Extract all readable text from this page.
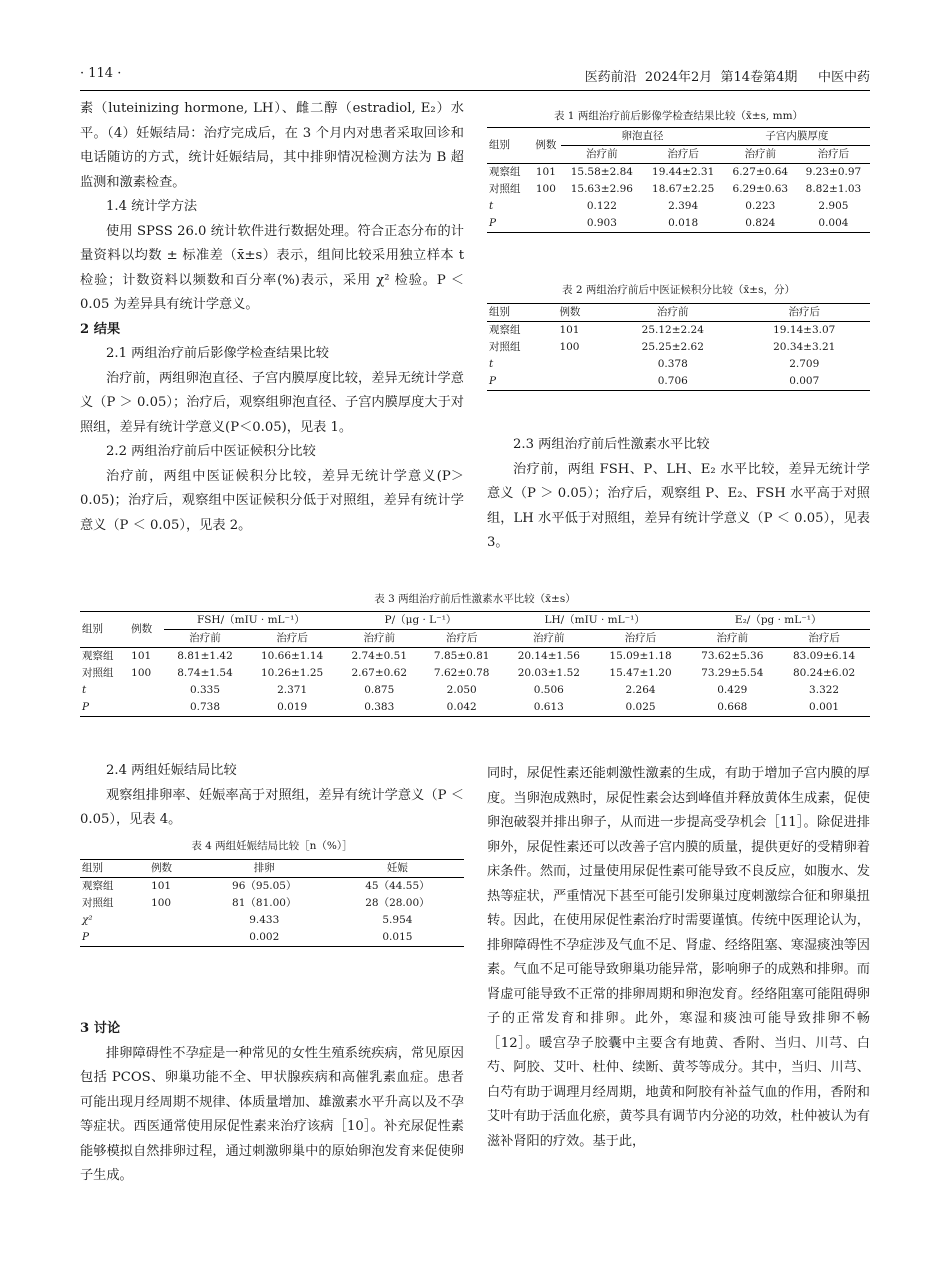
· 114 ·	医药前沿  2024年2月  第14卷第4期     中医中药

素（luteinizing hormone, LH）、雌二醇（estradiol, E₂）水平。（4）妊娠结局：治疗完成后，在 3 个月内对患者采取回诊和电话随访的方式，统计妊娠结局，其中排卵情况检测方法为 B 超监测和激素检查。

1.4 统计学方法

使用 SPSS 26.0 统计软件进行数据处理。符合正态分布的计量资料以均数 ± 标准差（x̄±s）表示，组间比较采用独立样本 t 检验；计数资料以频数和百分率(%)表示，采用 χ² 检验。P ＜ 0.05 为差异具有统计学意义。

2 结果

2.1 两组治疗前后影像学检查结果比较

治疗前，两组卵泡直径、子宫内膜厚度比较，差异无统计学意义（P ＞ 0.05）；治疗后，观察组卵泡直径、子宫内膜厚度大于对照组，差异有统计学意义(P＜0.05)，见表 1。

2.2 两组治疗前后中医证候积分比较

治疗前，两组中医证候积分比较，差异无统计学意义(P＞0.05)；治疗后，观察组中医证候积分低于对照组，差异有统计学意义（P ＜ 0.05），见表 2。

表 1 两组治疗前后影像学检查结果比较（x̄±s, mm）
组别	例数	卵泡直径		子宫内膜厚度	
		治疗前	治疗后	治疗前	治疗后
观察组	101	15.58±2.84	19.44±2.31	6.27±0.64	9.23±0.97
对照组	100	15.63±2.96	18.67±2.25	6.29±0.63	8.82±1.03
t		0.122	2.394	0.223	2.905
P		0.903	0.018	0.824	0.004
表 2 两组治疗前后中医证候积分比较（x̄±s，分）
组别	例数	治疗前	治疗后
观察组	101	25.12±2.24	19.14±3.07
对照组	100	25.25±2.62	20.34±3.21
t		0.378	2.709
P		0.706	0.007

2.3 两组治疗前后性激素水平比较

治疗前，两组 FSH、P、LH、E₂ 水平比较，差异无统计学意义（P ＞ 0.05）；治疗后，观察组 P、E₂、FSH 水平高于对照组，LH 水平低于对照组，差异有统计学意义（P ＜ 0.05），见表 3。

表 3 两组治疗前后性激素水平比较（x̄±s）
组别	例数	FSH/（mIU · mL⁻¹）		P/（μg · L⁻¹）		LH/（mIU · mL⁻¹）		E₂/（pg · mL⁻¹）	
		治疗前	治疗后	治疗前	治疗后	治疗前	治疗后	治疗前	治疗后
观察组	101	8.81±1.42	10.66±1.14	2.74±0.51	7.85±0.81	20.14±1.56	15.09±1.18	73.62±5.36	83.09±6.14
对照组	100	8.74±1.54	10.26±1.25	2.67±0.62	7.62±0.78	20.03±1.52	15.47±1.20	73.29±5.54	80.24±6.02
t		0.335	2.371	0.875	2.050	0.506	2.264	0.429	3.322
P		0.738	0.019	0.383	0.042	0.613	0.025	0.668	0.001

2.4 两组妊娠结局比较

观察组排卵率、妊娠率高于对照组，差异有统计学意义（P ＜ 0.05），见表 4。

表 4 两组妊娠结局比较［n（%）］
组别	例数	排卵	妊娠
观察组	101	96（95.05）	45（44.55）
对照组	100	81（81.00）	28（28.00）
χ²		9.433	5.954
P		0.002	0.015

3 讨论

排卵障碍性不孕症是一种常见的女性生殖系统疾病，常见原因包括 PCOS、卵巢功能不全、甲状腺疾病和高催乳素血症。患者可能出现月经周期不规律、体质量增加、雄激素水平升高以及不孕等症状。西医通常使用尿促性素来治疗该病［10］。补充尿促性素能够模拟自然排卵过程，通过刺激卵巢中的原始卵泡发育来促使卵子生成。

同时，尿促性素还能刺激性激素的生成，有助于增加子宫内膜的厚度。当卵泡成熟时，尿促性素会达到峰值并释放黄体生成素，促使卵泡破裂并排出卵子，从而进一步提高受孕机会［11］。除促进排卵外，尿促性素还可以改善子宫内膜的质量，提供更好的受精卵着床条件。然而，过量使用尿促性素可能导致不良反应，如腹水、发热等症状，严重情况下甚至可能引发卵巢过度刺激综合征和卵巢扭转。因此，在使用尿促性素治疗时需要谨慎。传统中医理论认为，排卵障碍性不孕症涉及气血不足、肾虚、经络阻塞、寒湿痰浊等因素。气血不足可能导致卵巢功能异常，影响卵子的成熟和排卵。而肾虚可能导致不正常的排卵周期和卵泡发育。经络阻塞可能阻碍卵子的正常发育和排卵。此外，寒湿和痰浊可能导致排卵不畅［12］。暖宫孕子胶囊中主要含有地黄、香附、当归、川芎、白芍、阿胶、艾叶、杜仲、续断、黄芩等成分。其中，当归、川芎、白芍有助于调理月经周期，地黄和阿胶有补益气血的作用，香附和艾叶有助于活血化瘀，黄芩具有调节内分泌的功效，杜仲被认为有滋补肾阳的疗效。基于此，
